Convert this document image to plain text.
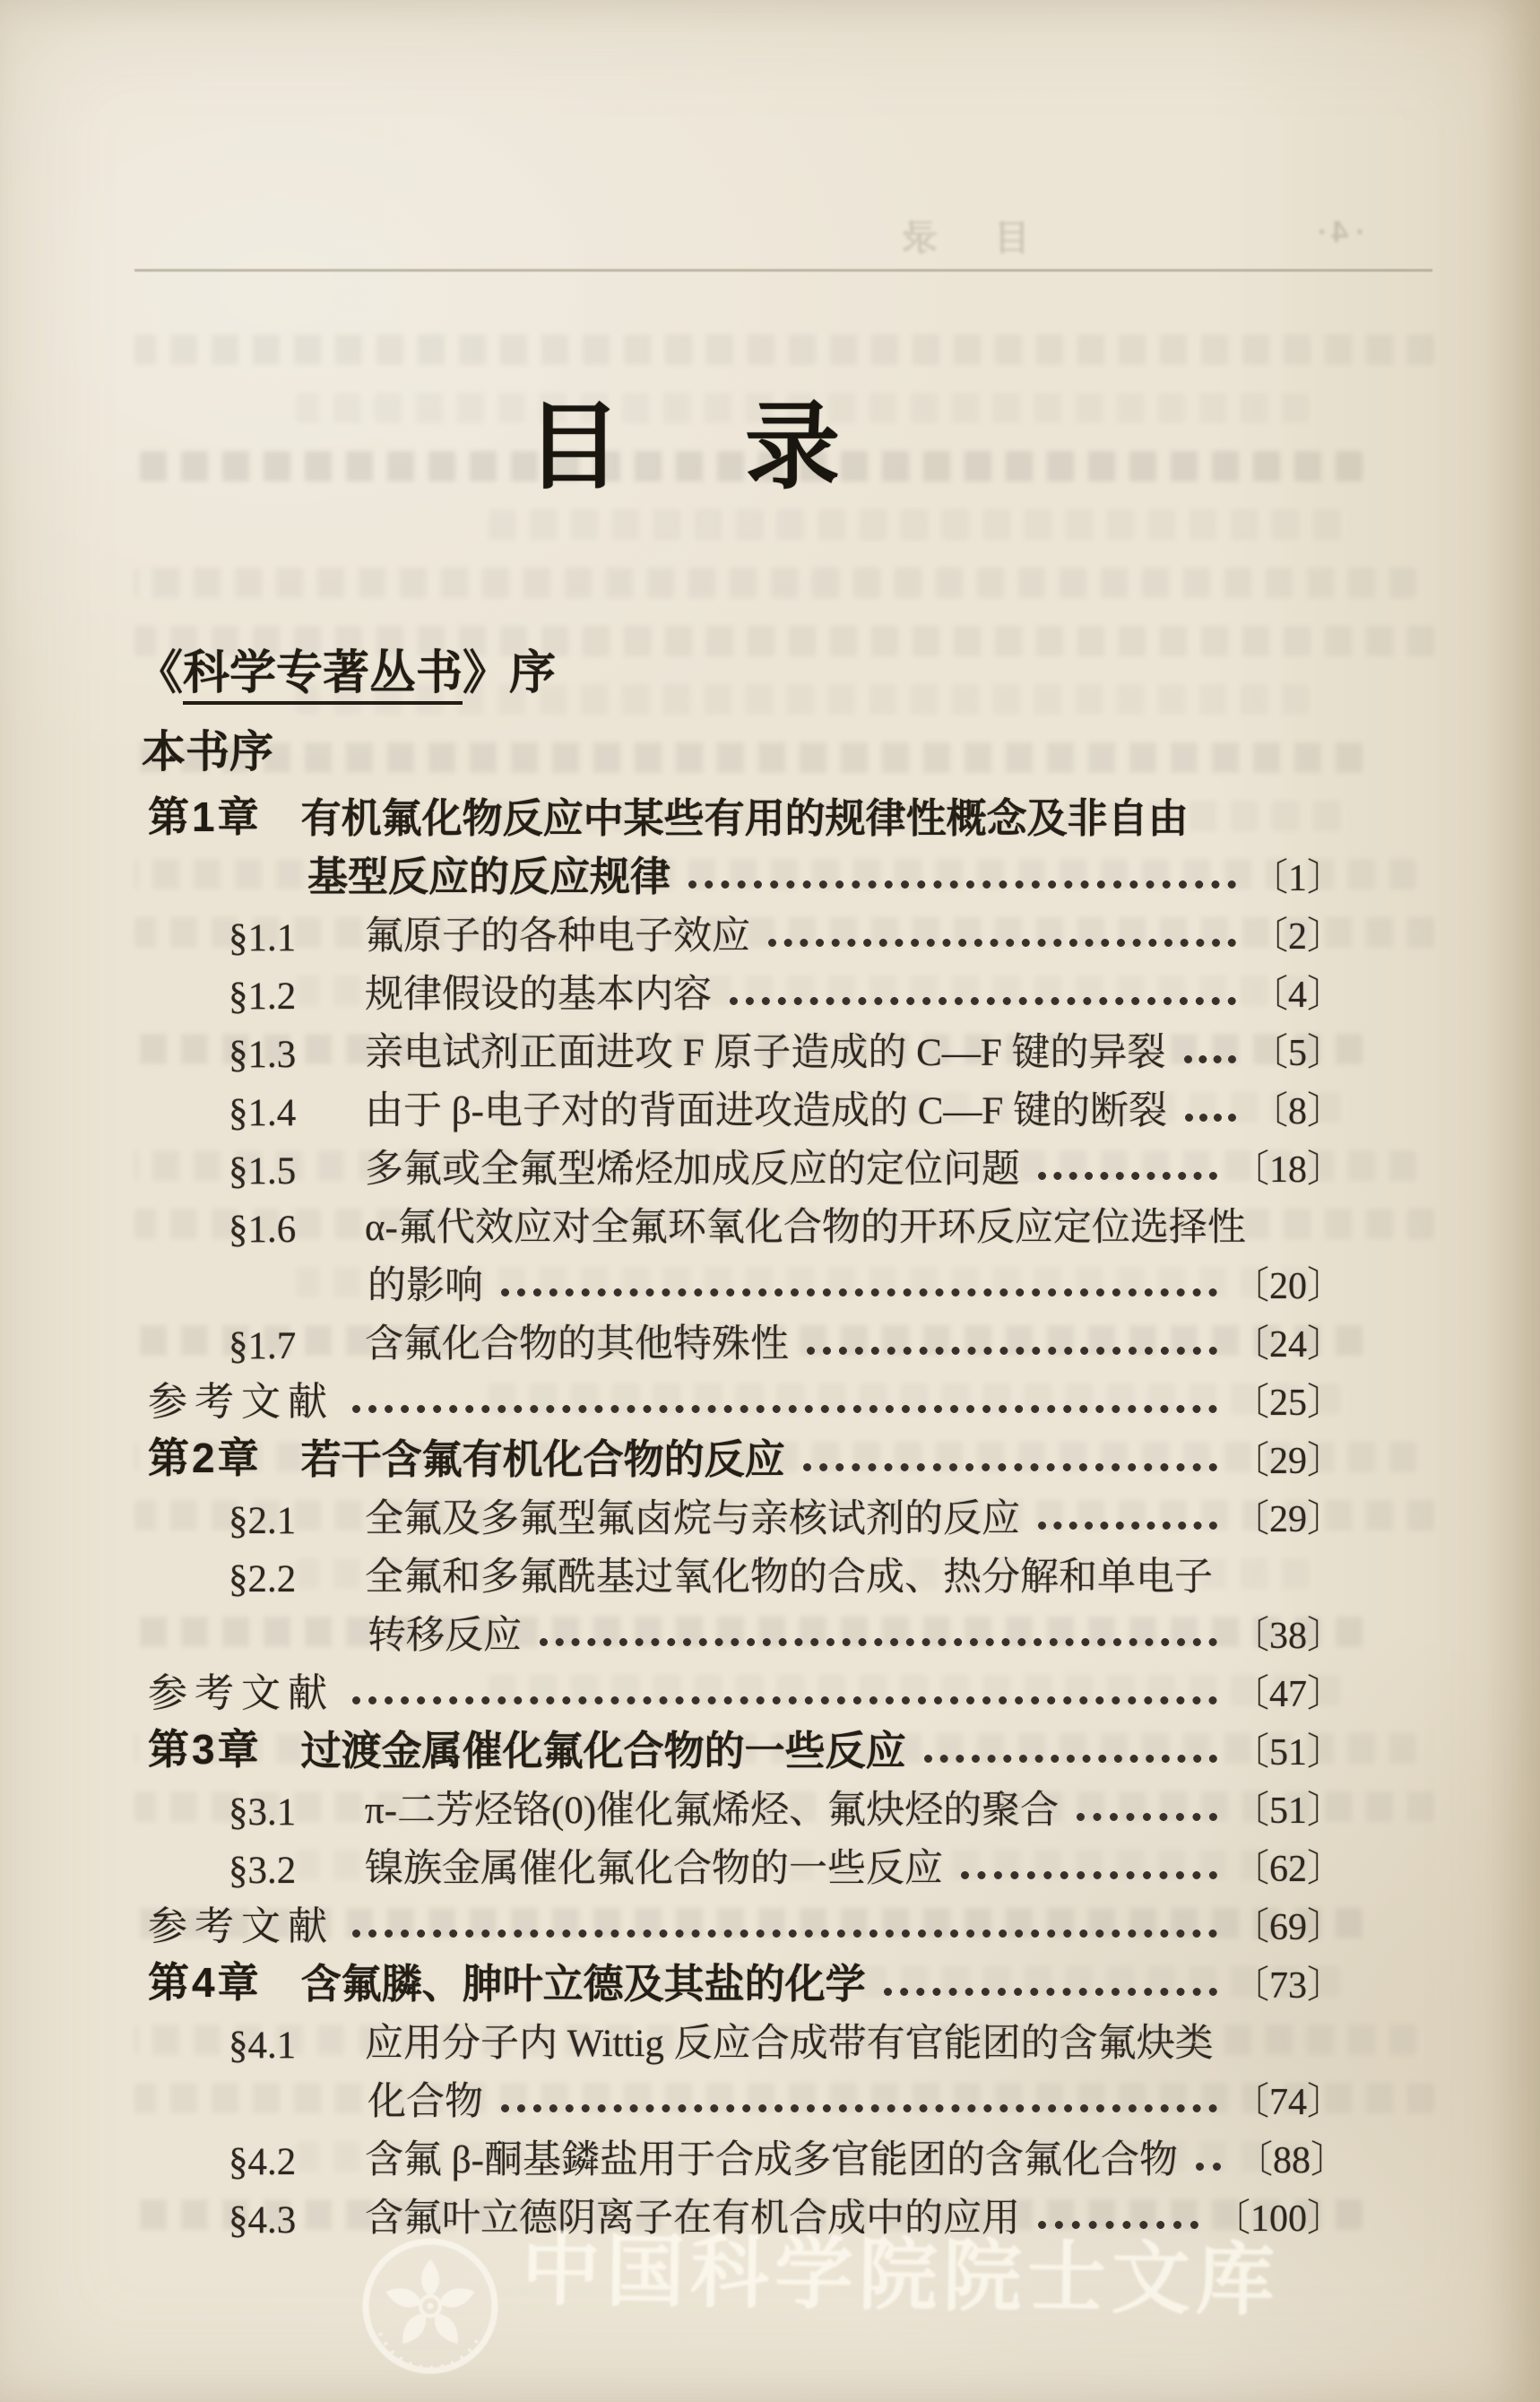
目 录	·4·
目　录
《科学专著丛书》序
本书序
第1章 有机氟化物反应中某些有用的规律性概念及非自由
基型反应的反应规律	〔1〕
§1.1	氟原子的各种电子效应	〔2〕
§1.2	规律假设的基本内容	〔4〕
§1.3	亲电试剂正面进攻 F 原子造成的 C—F 键的异裂 〔5〕
§1.4	由于 β-电子对的背面进攻造成的 C—F 键的断裂 〔8〕
§1.5	多氟或全氟型烯烃加成反应的定位问题	〔18〕
§1.6	α-氟代效应对全氟环氧化合物的开环反应定位选择性
的影响	〔20〕
§1.7	含氟化合物的其他特殊性	〔24〕
参考文献	〔25〕
第2章 若干含氟有机化合物的反应	〔29〕
§2.1	全氟及多氟型氟卤烷与亲核试剂的反应	〔29〕
§2.2	全氟和多氟酰基过氧化物的合成、热分解和单电子
转移反应	〔38〕
参考文献	〔47〕
第3章 过渡金属催化氟化合物的一些反应	〔51〕
§3.1	π-二芳烃铬(0)催化氟烯烃、氟炔烃的聚合	〔51〕
§3.2	镍族金属催化氟化合物的一些反应	〔62〕
参考文献	〔69〕
第4章 含氟膦、胂叶立德及其盐的化学	〔73〕
§4.1	应用分子内 Wittig 反应合成带有官能团的含氟炔类
化合物	〔74〕
§4.2	含氟 β-酮基鏻盐用于合成多官能团的含氟化合物 〔88〕
§4.3	含氟叶立德阴离子在有机合成中的应用	〔100〕
中国科学院院士文库
